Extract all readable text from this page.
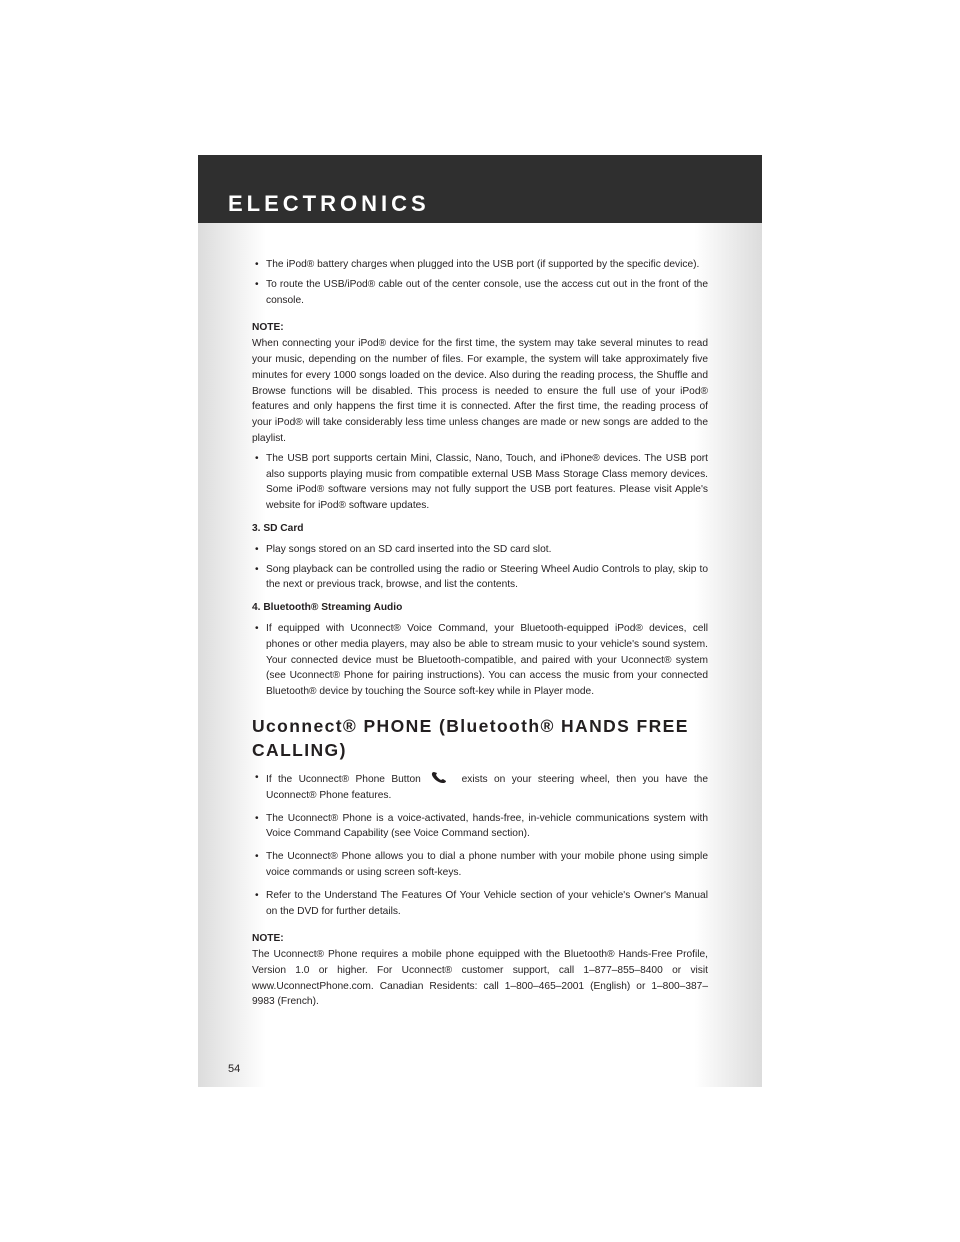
ELECTRONICS

• The iPod® battery charges when plugged into the USB port (if supported by the specific device).

• To route the USB/iPod® cable out of the center console, use the access cut out in the front of the console.

NOTE:

When connecting your iPod® device for the first time, the system may take several minutes to read your music, depending on the number of files. For example, the system will take approximately five minutes for every 1000 songs loaded on the device. Also during the reading process, the Shuffle and Browse functions will be disabled. This process is needed to ensure the full use of your iPod® features and only happens the first time it is connected. After the first time, the reading process of your iPod® will take considerably less time unless changes are made or new songs are added to the playlist.

• The USB port supports certain Mini, Classic, Nano, Touch, and iPhone® devices. The USB port also supports playing music from compatible external USB Mass Storage Class memory devices. Some iPod® software versions may not fully support the USB port features. Please visit Apple's website for iPod® software updates.

3. SD Card

• Play songs stored on an SD card inserted into the SD card slot.

• Song playback can be controlled using the radio or Steering Wheel Audio Controls to play, skip to the next or previous track, browse, and list the contents.

4. Bluetooth® Streaming Audio

• If equipped with Uconnect® Voice Command, your Bluetooth-equipped iPod® devices, cell phones or other media players, may also be able to stream music to your vehicle's sound system. Your connected device must be Bluetooth-compatible, and paired with your Uconnect® system (see Uconnect® Phone for pairing instructions). You can access the music from your connected Bluetooth® device by touching the Source soft-key while in Player mode.

Uconnect® PHONE (Bluetooth® HANDS FREE CALLING)

• If the Uconnect® Phone Button	exists on your steering wheel, then you have the Uconnect® Phone features.

• The Uconnect® Phone is a voice-activated, hands-free, in-vehicle communications system with Voice Command Capability (see Voice Command section).

• The Uconnect® Phone allows you to dial a phone number with your mobile phone using simple voice commands or using screen soft-keys.

• Refer to the Understand The Features Of Your Vehicle section of your vehicle's Owner's Manual on the DVD for further details.

NOTE:

The Uconnect® Phone requires a mobile phone equipped with the Bluetooth® Hands-Free Profile, Version 1.0 or higher. For Uconnect® customer support, call 1–877–855–8400 or visit www.UconnectPhone.com. Canadian Residents: call 1–800–465–2001 (English) or 1–800–387–9983 (French).

54
